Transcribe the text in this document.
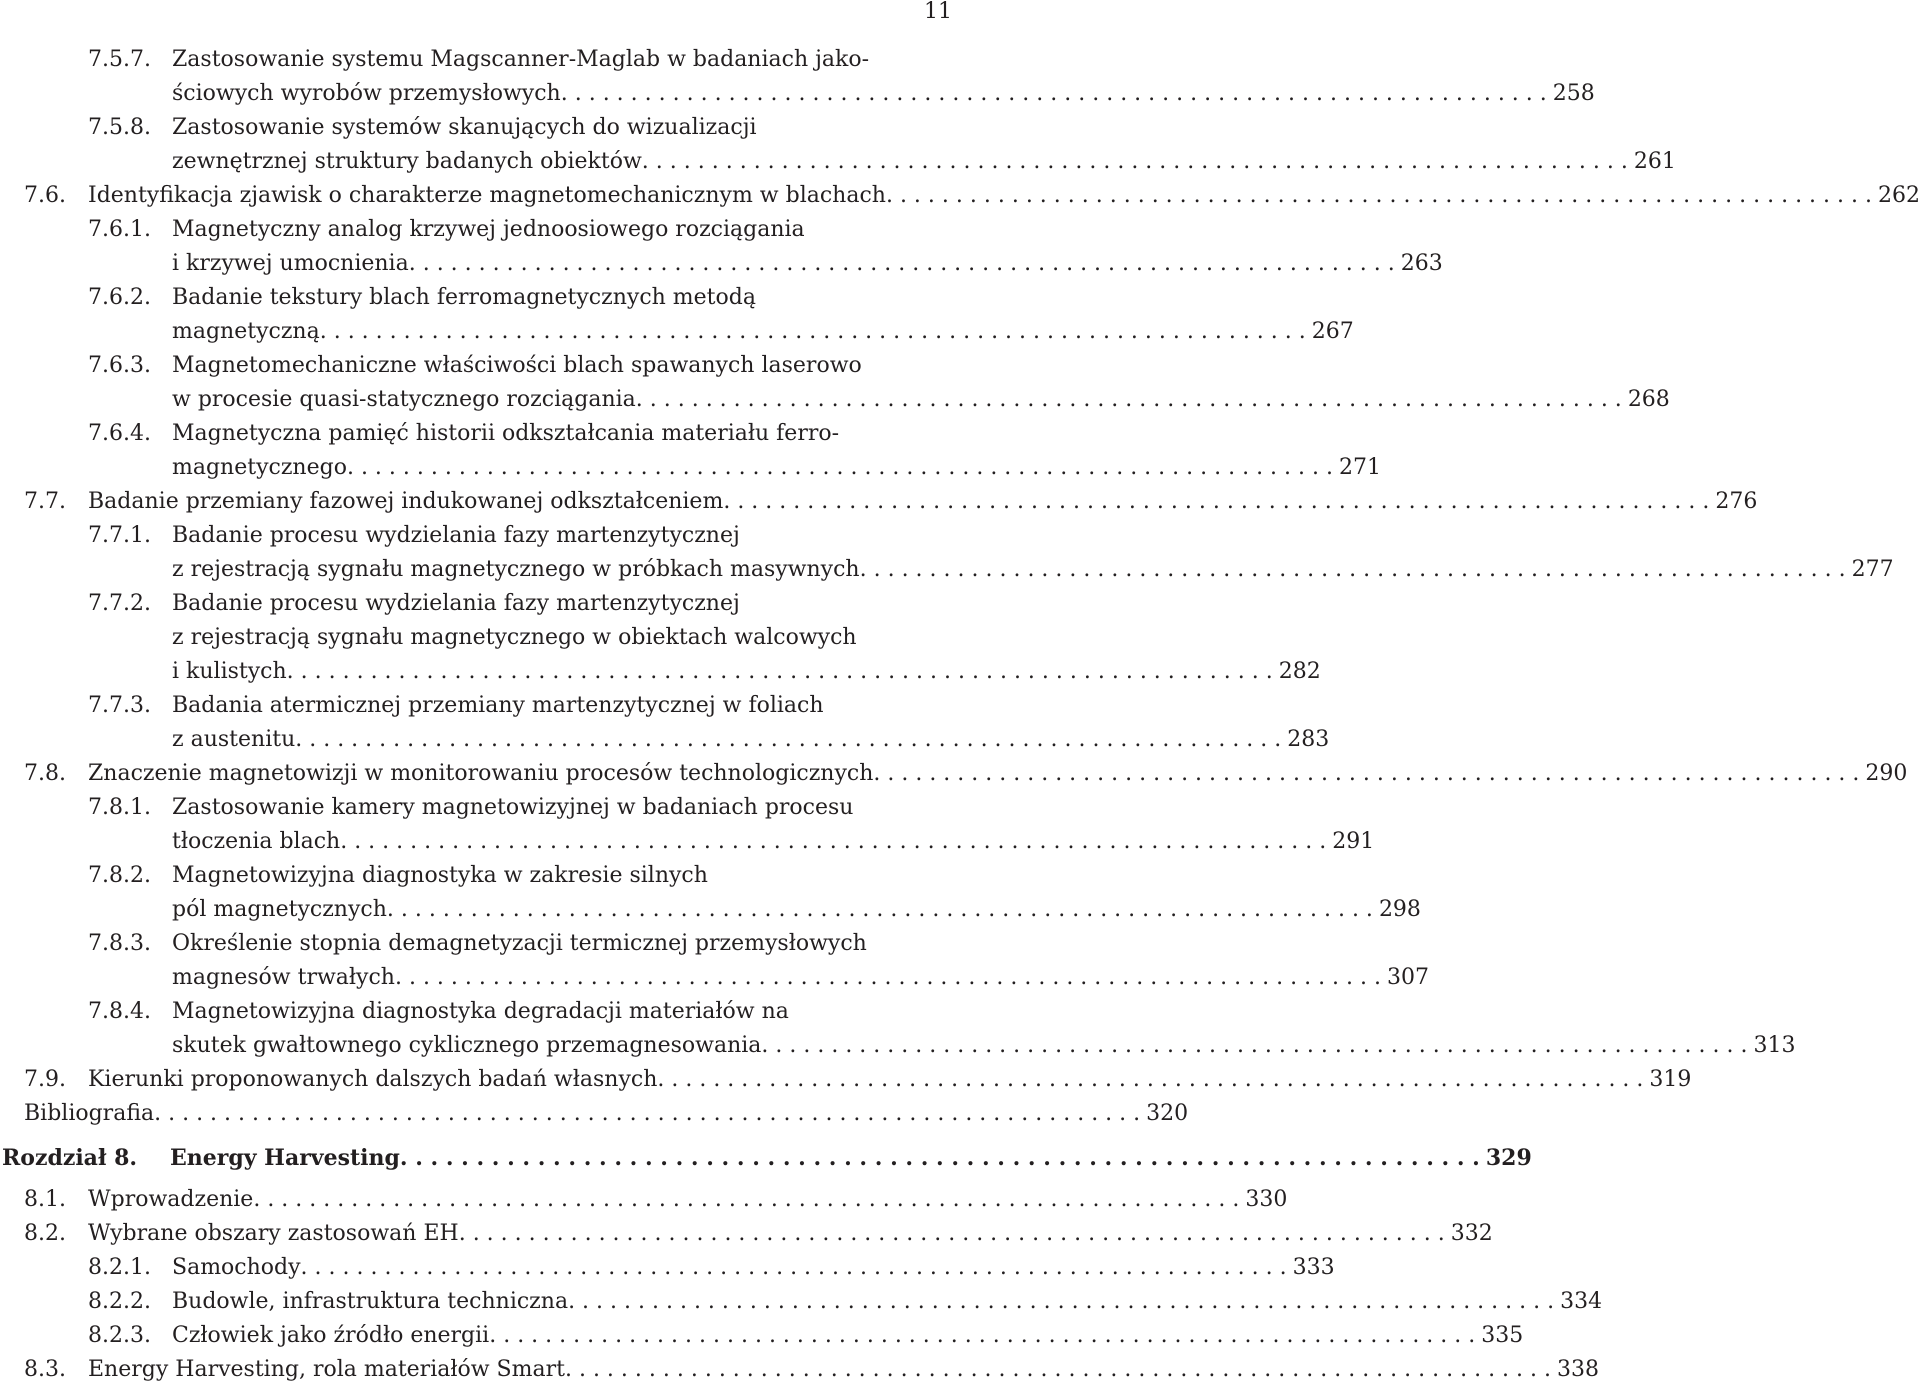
11
7.5.7. Zastosowanie systemu Magscanner-Maglab w badaniach jako-
ściowych wyrobów przemysłowych . . . . . . . . . . . . . . . . . . . . . . . . . . . . . . . . . . . . . . . . . . . . . . . . . . . . . . . . . . . . . . . . . . . . . . . 258
7.5.8. Zastosowanie systemów skanujących do wizualizacji
zewnętrznej struktury badanych obiektów . . . . . . . . . . . . . . . . . . . . . . . . . . . . . . . . . . . . . . . . . . . . . . . . . . . . . . . . . . . . . . . . . . . . . . . 261
7.6. Identyfikacja zjawisk o charakterze magnetomechanicznym w blachach . . . . . . . . . . . . . . . . . . . . . . . . . . . . . . . . . . . . . . . . . . . . . . . . . . . . . . . . . . . . . . . . . . . . . . . 262
7.6.1. Magnetyczny analog krzywej jednoosiowego rozciągania
i krzywej umocnienia . . . . . . . . . . . . . . . . . . . . . . . . . . . . . . . . . . . . . . . . . . . . . . . . . . . . . . . . . . . . . . . . . . . . . . . 263
7.6.2. Badanie tekstury blach ferromagnetycznych metodą
magnetyczną . . . . . . . . . . . . . . . . . . . . . . . . . . . . . . . . . . . . . . . . . . . . . . . . . . . . . . . . . . . . . . . . . . . . . . . 267
7.6.3. Magnetomechaniczne właściwości blach spawanych laserowo
w procesie quasi-statycznego rozciągania . . . . . . . . . . . . . . . . . . . . . . . . . . . . . . . . . . . . . . . . . . . . . . . . . . . . . . . . . . . . . . . . . . . . . . . 268
7.6.4. Magnetyczna pamięć historii odkształcania materiału ferro-
magnetycznego . . . . . . . . . . . . . . . . . . . . . . . . . . . . . . . . . . . . . . . . . . . . . . . . . . . . . . . . . . . . . . . . . . . . . . . 271
7.7. Badanie przemiany fazowej indukowanej odkształceniem . . . . . . . . . . . . . . . . . . . . . . . . . . . . . . . . . . . . . . . . . . . . . . . . . . . . . . . . . . . . . . . . . . . . . . . 276
7.7.1. Badanie procesu wydzielania fazy martenzytycznej
z rejestracją sygnału magnetycznego w próbkach masywnych . . . . . . . . . . . . . . . . . . . . . . . . . . . . . . . . . . . . . . . . . . . . . . . . . . . . . . . . . . . . . . . . . . . . . . . 277
7.7.2. Badanie procesu wydzielania fazy martenzytycznej
z rejestracją sygnału magnetycznego w obiektach walcowych
i kulistych . . . . . . . . . . . . . . . . . . . . . . . . . . . . . . . . . . . . . . . . . . . . . . . . . . . . . . . . . . . . . . . . . . . . . . . 282
7.7.3. Badania atermicznej przemiany martenzytycznej w foliach
z austenitu . . . . . . . . . . . . . . . . . . . . . . . . . . . . . . . . . . . . . . . . . . . . . . . . . . . . . . . . . . . . . . . . . . . . . . . 283
7.8. Znaczenie magnetowizji w monitorowaniu procesów technologicznych . . . . . . . . . . . . . . . . . . . . . . . . . . . . . . . . . . . . . . . . . . . . . . . . . . . . . . . . . . . . . . . . . . . . . . . 290
7.8.1. Zastosowanie kamery magnetowizyjnej w badaniach procesu
tłoczenia blach . . . . . . . . . . . . . . . . . . . . . . . . . . . . . . . . . . . . . . . . . . . . . . . . . . . . . . . . . . . . . . . . . . . . . . . 291
7.8.2. Magnetowizyjna diagnostyka w zakresie silnych
pól magnetycznych . . . . . . . . . . . . . . . . . . . . . . . . . . . . . . . . . . . . . . . . . . . . . . . . . . . . . . . . . . . . . . . . . . . . . . . 298
7.8.3. Określenie stopnia demagnetyzacji termicznej przemysłowych
magnesów trwałych . . . . . . . . . . . . . . . . . . . . . . . . . . . . . . . . . . . . . . . . . . . . . . . . . . . . . . . . . . . . . . . . . . . . . . . 307
7.8.4. Magnetowizyjna diagnostyka degradacji materiałów na
skutek gwałtownego cyklicznego przemagnesowania . . . . . . . . . . . . . . . . . . . . . . . . . . . . . . . . . . . . . . . . . . . . . . . . . . . . . . . . . . . . . . . . . . . . . . . 313
7.9. Kierunki proponowanych dalszych badań własnych . . . . . . . . . . . . . . . . . . . . . . . . . . . . . . . . . . . . . . . . . . . . . . . . . . . . . . . . . . . . . . . . . . . . . . . 319
Bibliografia . . . . . . . . . . . . . . . . . . . . . . . . . . . . . . . . . . . . . . . . . . . . . . . . . . . . . . . . . . . . . . . . . . . . . . . 320
Rozdział 8. Energy Harvesting . . . . . . . . . . . . . . . . . . . . . . . . . . . . . . . . . . . . . . . . . . . . . . . . . . . . . . . . . . . . . . . . . . . . . . . 329
8.1. Wprowadzenie . . . . . . . . . . . . . . . . . . . . . . . . . . . . . . . . . . . . . . . . . . . . . . . . . . . . . . . . . . . . . . . . . . . . . . . 330
8.2. Wybrane obszary zastosowań EH . . . . . . . . . . . . . . . . . . . . . . . . . . . . . . . . . . . . . . . . . . . . . . . . . . . . . . . . . . . . . . . . . . . . . . . 332
8.2.1. Samochody . . . . . . . . . . . . . . . . . . . . . . . . . . . . . . . . . . . . . . . . . . . . . . . . . . . . . . . . . . . . . . . . . . . . . . . 333
8.2.2. Budowle, infrastruktura techniczna . . . . . . . . . . . . . . . . . . . . . . . . . . . . . . . . . . . . . . . . . . . . . . . . . . . . . . . . . . . . . . . . . . . . . . . 334
8.2.3. Człowiek jako źródło energii . . . . . . . . . . . . . . . . . . . . . . . . . . . . . . . . . . . . . . . . . . . . . . . . . . . . . . . . . . . . . . . . . . . . . . . 335
8.3. Energy Harvesting, rola materiałów Smart . . . . . . . . . . . . . . . . . . . . . . . . . . . . . . . . . . . . . . . . . . . . . . . . . . . . . . . . . . . . . . . . . . . . . . . 338
